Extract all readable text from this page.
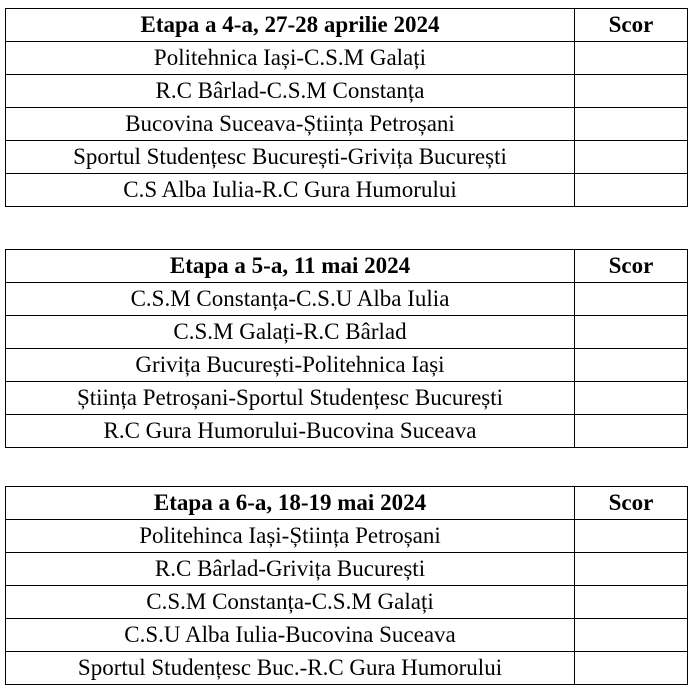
Etapa a 4-a, 27-28 aprilie 2024	Scor
Politehnica Iași-C.S.M Galați	
R.C Bârlad-C.S.M Constanța	
Bucovina Suceava-Știința Petroșani	
Sportul Studențesc București-Grivița București	
C.S Alba Iulia-R.C Gura Humorului	
Etapa a 5-a, 11 mai 2024	Scor
C.S.M Constanța-C.S.U Alba Iulia	
C.S.M Galați-R.C Bârlad	
Grivița București-Politehnica Iași	
Știința Petroșani-Sportul Studențesc București	
R.C Gura Humorului-Bucovina Suceava	
Etapa a 6-a, 18-19 mai 2024	Scor
Politehinca Iași-Știința Petroșani	
R.C Bârlad-Grivița București	
C.S.M Constanța-C.S.M Galați	
C.S.U Alba Iulia-Bucovina Suceava	
Sportul Studențesc Buc.-R.C Gura Humorului	
